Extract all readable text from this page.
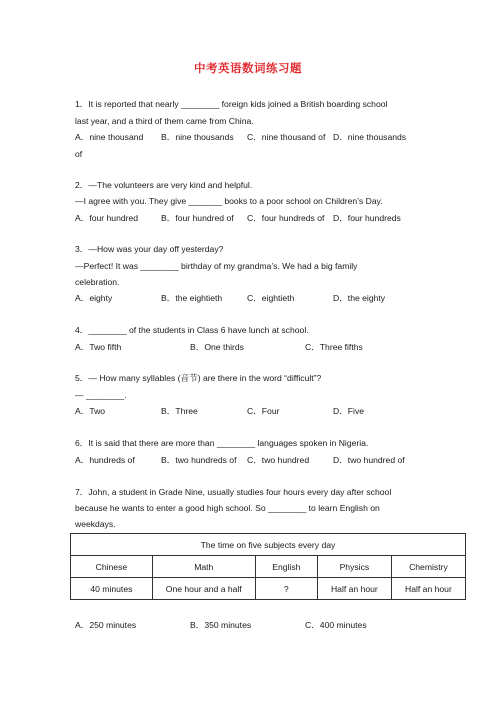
中考英语数词练习题
1．It is reported that nearly ________ foreign kids joined a British boarding school
last year, and a third of them came from China.
A．nine thousand B．nine thousands C．nine thousand of D．nine thousands
of
2．—The volunteers are very kind and helpful.
—I agree with you. They give _______ books to a poor school on Children’s Day.
A．four hundred	B．four hundred of C．four hundreds of D．four hundreds
3．—How was your day off yesterday?
—Perfect! It was ________ birthday of my grandma’s. We had a big family
celebration.
A．eighty	B．the eightieth	C．eightieth	D．the eighty
4．________ of the students in Class 6 have lunch at school.
A．Two fifth	B．One thirds	C．Three fifths
5．— How many syllables (音节) are there in the word “difficult”?
— ________.
A．Two	B．Three	C．Four	D．Five
6．It is said that there are more than ________ languages spoken in Nigeria.
A．hundreds of	B．two hundreds of C．two hundred	D．two hundred of
7．John, a student in Grade Nine, usually studies four hours every day after school
because he wants to enter a good high school. So ________ to learn English on
weekdays.
The time on five subjects every day				
Chinese	Math	English	Physics	Chemistry
40 minutes	One hour and a half	?	Half an hour	Half an hour
A．250 minutes	B．350 minutes	C．400 minutes
